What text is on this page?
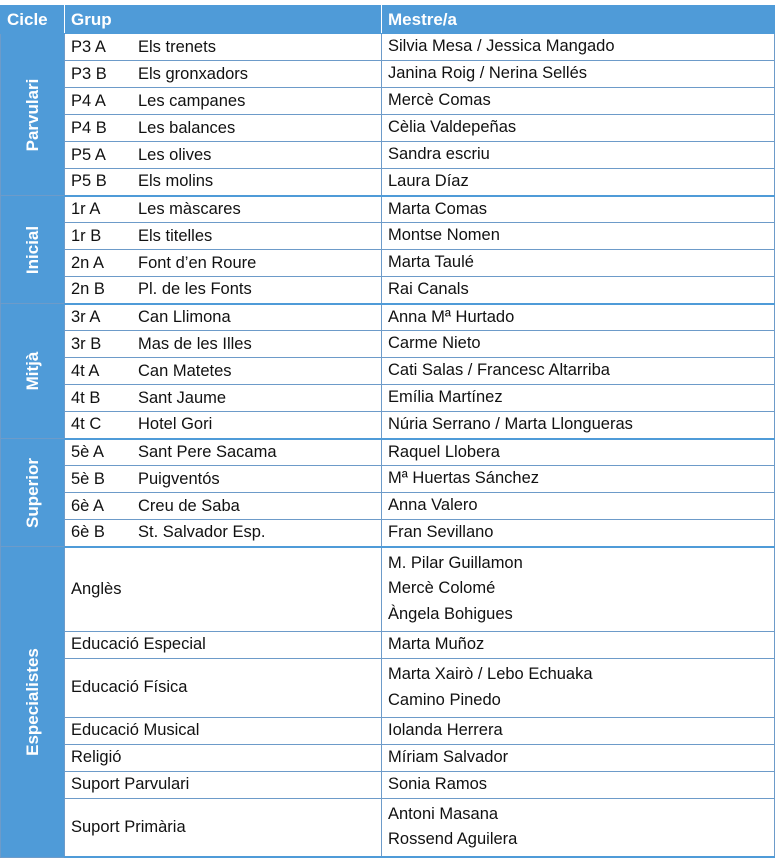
Cicle	Grup	Mestre/a

Parvulari	P3 A Els trenets	Silvia Mesa / Jessica Mangado

	P3 B Els gronxadors	Janina Roig / Nerina Sellés

	P4 A Les campanes	Mercè Comas

	P4 B Les balances	Cèlia Valdepeñas

	P5 A Les olives	Sandra escriu

	P5 B Els molins	Laura Díaz

Inicial	1r A Les màscares	Marta Comas

	1r B Els titelles	Montse Nomen

	2n A Font d’en Roure	Marta Taulé

	2n B Pl. de les Fonts	Rai Canals

Mitjà	3r A Can Llimona	Anna Mª Hurtado

	3r B Mas de les Illes	Carme Nieto

	4t A Can Matetes	Cati Salas / Francesc Altarriba

	4t B Sant Jaume	Emília Martínez

	4t C Hotel Gori	Núria Serrano / Marta Llongueras

Superior	5è A Sant Pere Sacama	Raquel Llobera

	5è B Puigventós	Mª Huertas Sánchez

	6è A Creu de Saba	Anna Valero

	6è B St. Salvador Esp.	Fran Sevillano

Especialistes	Anglès	M. Pilar Guillamon
Mercè Colomé
Àngela Bohigues

	Educació Especial	Marta Muñoz

	Educació Física	Marta Xairò / Lebo Echuaka
Camino Pinedo

	Educació Musical	Iolanda Herrera

	Religió	Míriam Salvador

	Suport Parvulari	Sonia Ramos

	Suport Primària	Antoni Masana
Rossend Aguilera
